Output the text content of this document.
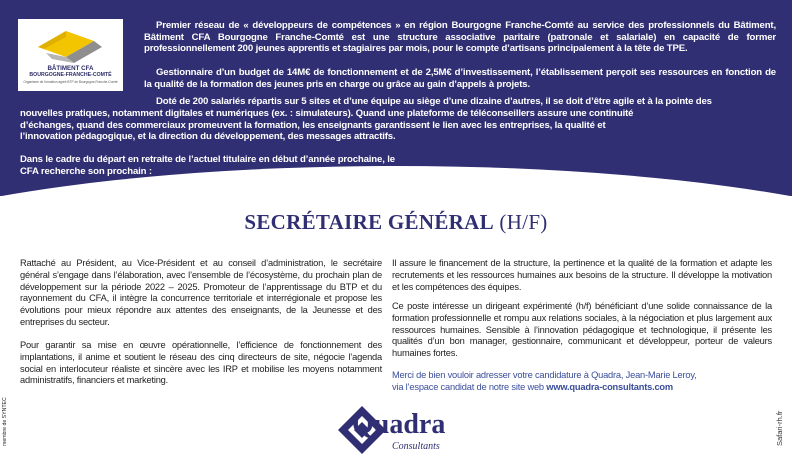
BÂTIMENT CFA
BOURGOGNE-FRANCHE-COMTÉ
Organisme de formation agréé BTP de Bourgogne-Franche-Comté

Premier réseau de « développeurs de compétences » en région Bourgogne Franche-Comté au service des professionnels du Bâtiment, Bâtiment CFA Bourgogne Franche-Comté est une structure associative paritaire (patronale et salariale) en capacité de former professionnellement 200 jeunes apprentis et stagiaires par mois, pour le compte d’artisans principalement à la tête de TPE.

Gestionnaire d’un budget de 14M€ de fonctionnement et de 2,5M€ d’investissement, l’établissement perçoit ses ressources en fonction de la qualité de la formation des jeunes pris en charge ou grâce au gain d’appels à projets.

Doté de 200 salariés répartis sur 5 sites et d’une équipe au siège d’une dizaine d’autres, il se doit d’être agile et à la pointe des

nouvelles pratiques, notamment digitales et numériques (ex. : simulateurs). Quand une plateforme de téléconseillers assure une continuité d’échanges, quand des commerciaux promeuvent la formation, les enseignants garantissent le lien avec les entreprises, la qualité et l’innovation pédagogique, et la direction du développement, des messages attractifs.

Dans le cadre du départ en retraite de l’actuel titulaire en début d’année prochaine, le CFA recherche son prochain :

SECRÉTAIRE GÉNÉRAL (H/F)

Rattaché au Président, au Vice-Président et au conseil d’administration, le secrétaire général s’engage dans l’élaboration, avec l’ensemble de l’écosystème, du prochain plan de développement sur la période 2022 – 2025. Promoteur de l’apprentissage du BTP et du rayonnement du CFA, il intègre la concurrence territoriale et interrégionale et propose les évolutions pour mieux répondre aux attentes des enseignants, de la Jeunesse et des entreprises du secteur.

Pour garantir sa mise en œuvre opérationnelle, l’efficience de fonctionnement des implantations, il anime et soutient le réseau des cinq directeurs de site, négocie l’agenda social en interlocuteur réaliste et sincère avec les IRP et mobilise les moyens notamment administratifs, financiers et marketing.

Il assure le financement de la structure, la pertinence et la qualité de la formation et adapte les recrutements et les ressources humaines aux besoins de la structure. Il développe la motivation et les compétences des équipes.

Ce poste intéresse un dirigeant expérimenté (h/f) bénéficiant d’une solide connaissance de la formation professionnelle et rompu aux relations sociales, à la négociation et plus largement aux ressources humaines. Sensible à l’innovation pédagogique et technologique, il présente les qualités d’un bon manager, gestionnaire, communicant et développeur, porteur de valeurs humaines fortes.

Merci de bien vouloir adresser votre candidature à Quadra, Jean-Marie Leroy,
via l’espace candidat de notre site web www.quadra-consultants.com

membre de SYNTEC	Safari-rh.fr
Quadra
Consultants
